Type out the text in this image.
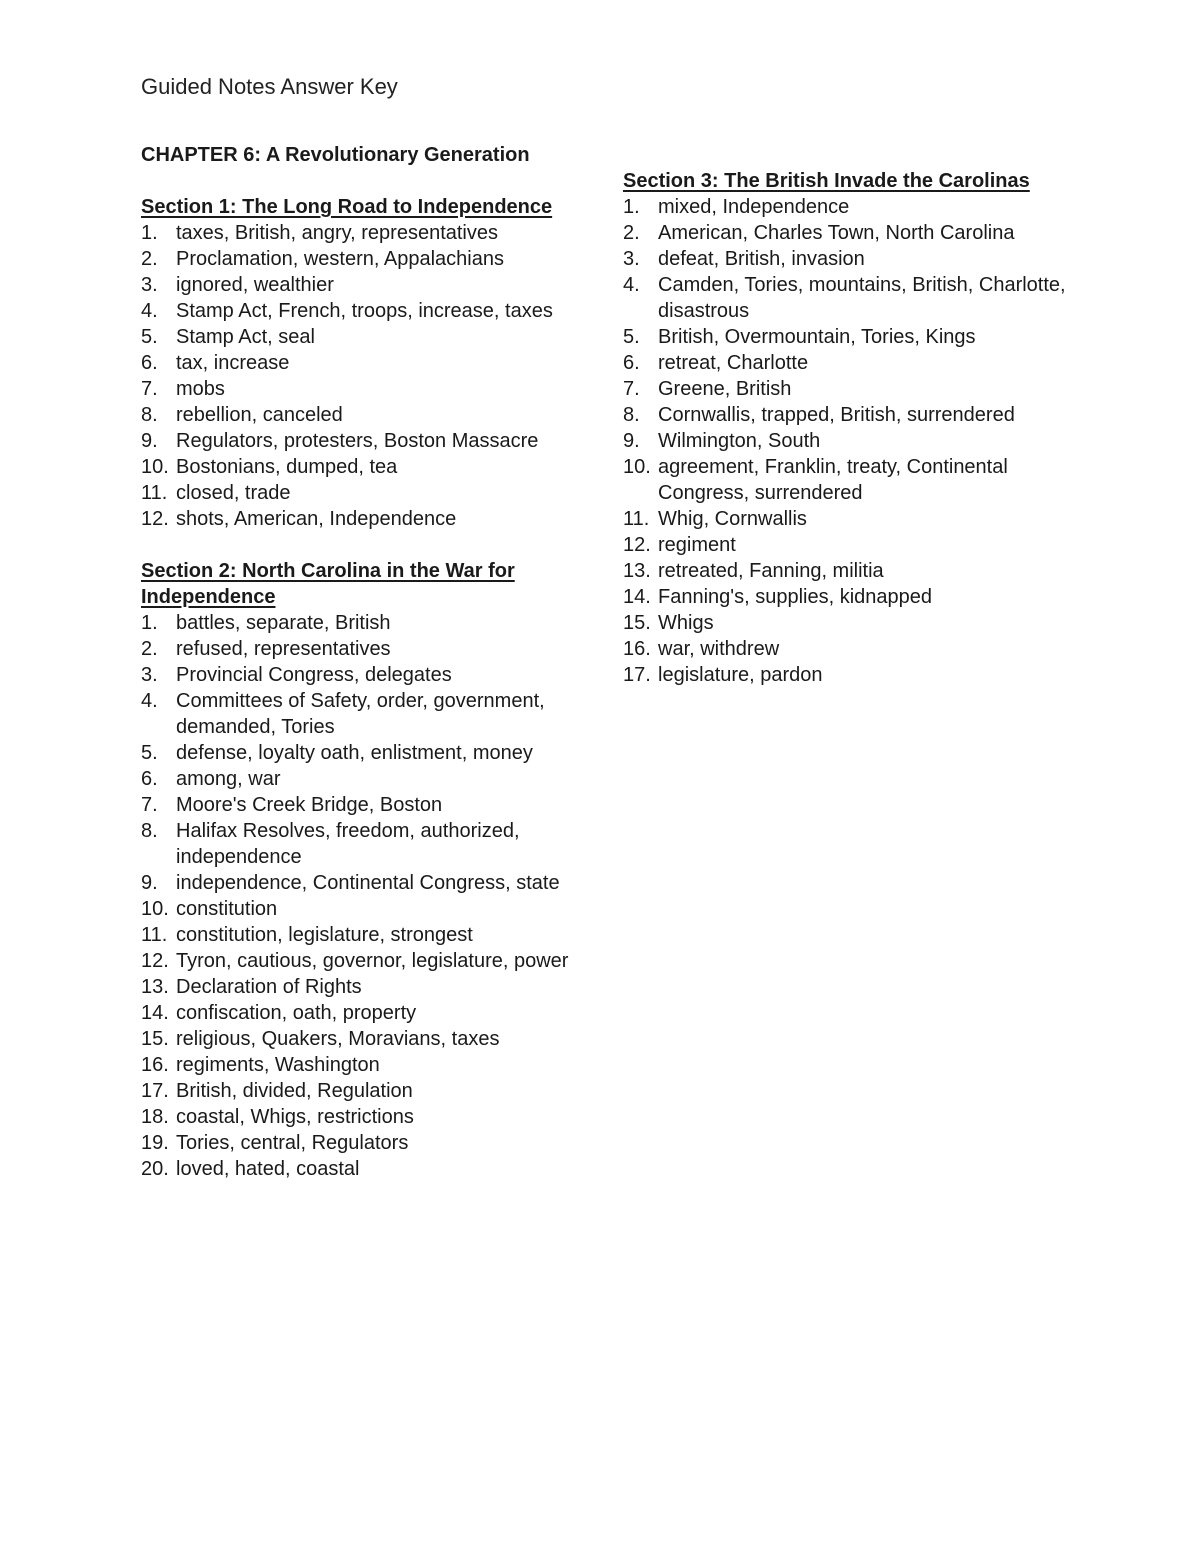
Guided Notes Answer Key
CHAPTER 6: A Revolutionary Generation
Section 1: The Long Road to Independence
1. taxes, British, angry, representatives
2. Proclamation, western, Appalachians
3. ignored, wealthier
4. Stamp Act, French, troops, increase, taxes
5. Stamp Act, seal
6. tax, increase
7. mobs
8. rebellion, canceled
9. Regulators, protesters, Boston Massacre
10. Bostonians, dumped, tea
11. closed, trade
12. shots, American, Independence
Section 2: North Carolina in the War for Independence
1. battles, separate, British
2. refused, representatives
3. Provincial Congress, delegates
4. Committees of Safety, order, government, demanded, Tories
5. defense, loyalty oath, enlistment, money
6. among, war
7. Moore's Creek Bridge, Boston
8. Halifax Resolves, freedom, authorized, independence
9. independence, Continental Congress, state
10. constitution
11. constitution, legislature, strongest
12. Tyron, cautious, governor, legislature, power
13. Declaration of Rights
14. confiscation, oath, property
15. religious, Quakers, Moravians, taxes
16. regiments, Washington
17. British, divided, Regulation
18. coastal, Whigs, restrictions
19. Tories, central, Regulators
20. loved, hated, coastal
Section 3: The British Invade the Carolinas
1. mixed, Independence
2. American, Charles Town, North Carolina
3. defeat, British, invasion
4. Camden, Tories, mountains, British, Charlotte, disastrous
5. British, Overmountain, Tories, Kings
6. retreat, Charlotte
7. Greene, British
8. Cornwallis, trapped, British, surrendered
9. Wilmington, South
10. agreement, Franklin, treaty, Continental Congress, surrendered
11. Whig, Cornwallis
12. regiment
13. retreated, Fanning, militia
14. Fanning's, supplies, kidnapped
15. Whigs
16. war, withdrew
17. legislature, pardon
